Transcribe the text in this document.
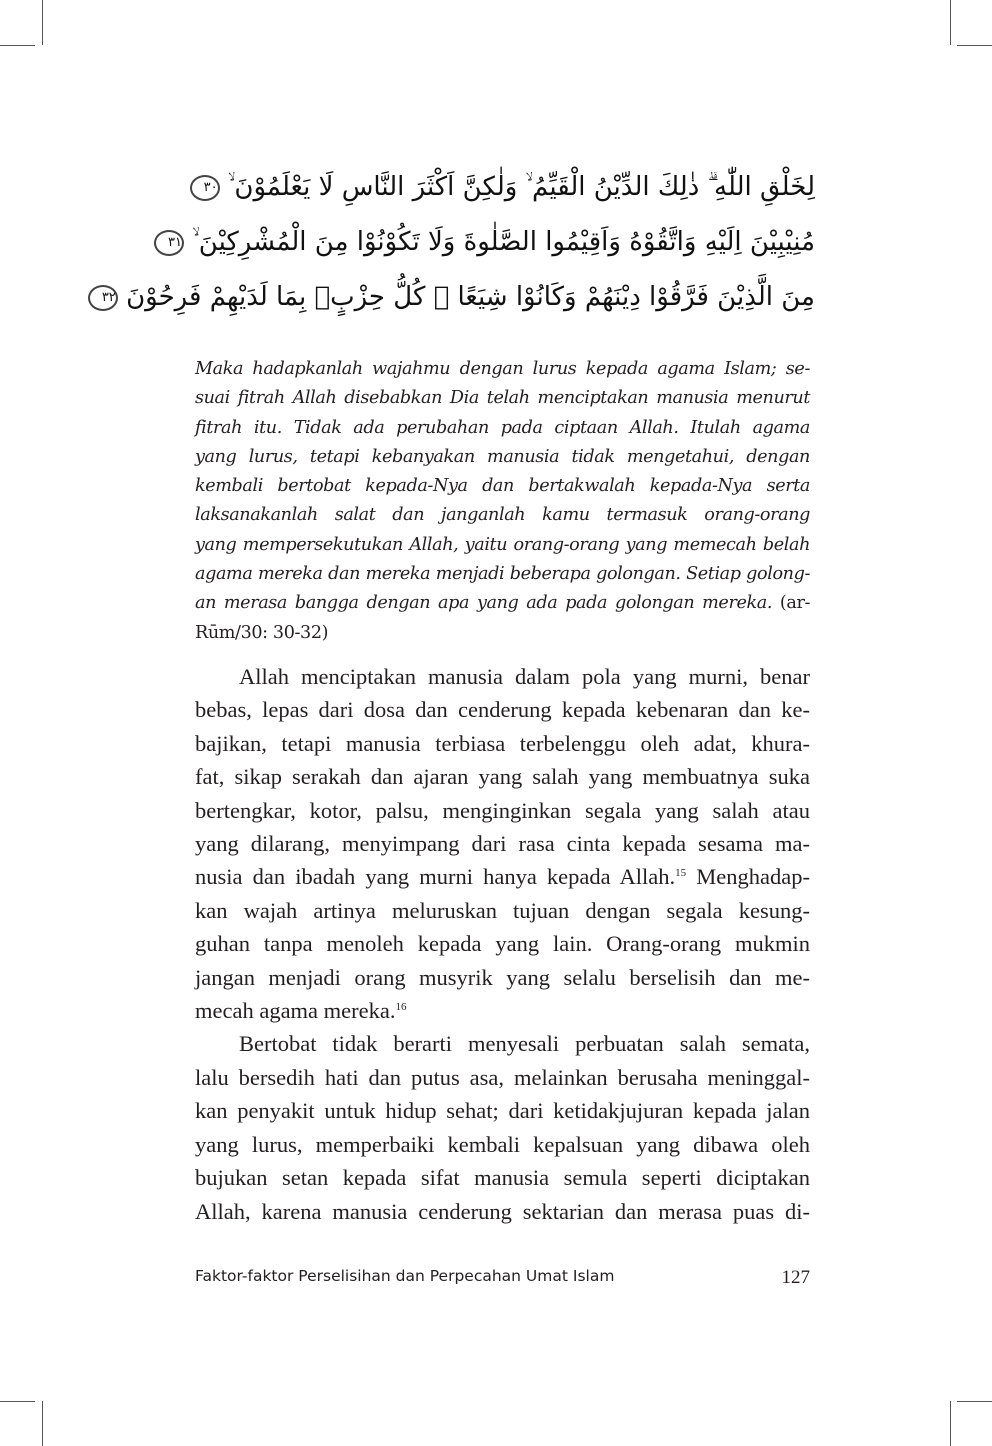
لِخَلْقِ اللّٰهِ ۗ ذٰلِكَ الدِّيْنُ الْقَيِّمُ ۙ وَلٰكِنَّ اَكْثَرَ النَّاسِ لَا يَعْلَمُوْنَ ۙ ٣٠
مُنِيْبِيْنَ اِلَيْهِ وَاتَّقُوْهُ وَاَقِيْمُوا الصَّلٰوةَ وَلَا تَكُوْنُوْا مِنَ الْمُشْرِكِيْنَ ۙ ٣١
مِنَ الَّذِيْنَ فَرَّقُوْا دِيْنَهُمْ وَكَانُوْا شِيَعًا ۗ كُلُّ حِزْبٍۢ بِمَا لَدَيْهِمْ فَرِحُوْنَ ٣٢
Maka hadapkanlah wajahmu dengan lurus kepada agama Islam; se-
suai fitrah Allah disebabkan Dia telah menciptakan manusia menurut
fitrah itu. Tidak ada perubahan pada ciptaan Allah. Itulah agama
yang lurus, tetapi kebanyakan manusia tidak mengetahui, dengan
kembali bertobat kepada-Nya dan bertakwalah kepada-Nya serta
laksanakanlah salat dan janganlah kamu termasuk orang-orang
yang mempersekutukan Allah, yaitu orang-orang yang memecah belah
agama mereka dan mereka menjadi beberapa golongan. Setiap golong-
an merasa bangga dengan apa yang ada pada golongan mereka. (ar-
Rūm/30: 30-32)
Allah menciptakan manusia dalam pola yang murni, benar
bebas, lepas dari dosa dan cenderung kepada kebenaran dan ke-
bajikan, tetapi manusia terbiasa terbelenggu oleh adat, khura-
fat, sikap serakah dan ajaran yang salah yang membuatnya suka
bertengkar, kotor, palsu, menginginkan segala yang salah atau
yang dilarang, menyimpang dari rasa cinta kepada sesama ma-
nusia dan ibadah yang murni hanya kepada Allah.$^{15}$ Menghadap-
kan wajah artinya meluruskan tujuan dengan segala kesung-
guhan tanpa menoleh kepada yang lain. Orang-orang mukmin
jangan menjadi orang musyrik yang selalu berselisih dan me-
mecah agama mereka.$^{16}$
Bertobat tidak berarti menyesali perbuatan salah semata,
lalu bersedih hati dan putus asa, melainkan berusaha meninggal-
kan penyakit untuk hidup sehat; dari ketidakjujuran kepada jalan
yang lurus, memperbaiki kembali kepalsuan yang dibawa oleh
bujukan setan kepada sifat manusia semula seperti diciptakan
Allah, karena manusia cenderung sektarian dan merasa puas di-
Faktor-faktor Perselisihan dan Perpecahan Umat Islam	127
